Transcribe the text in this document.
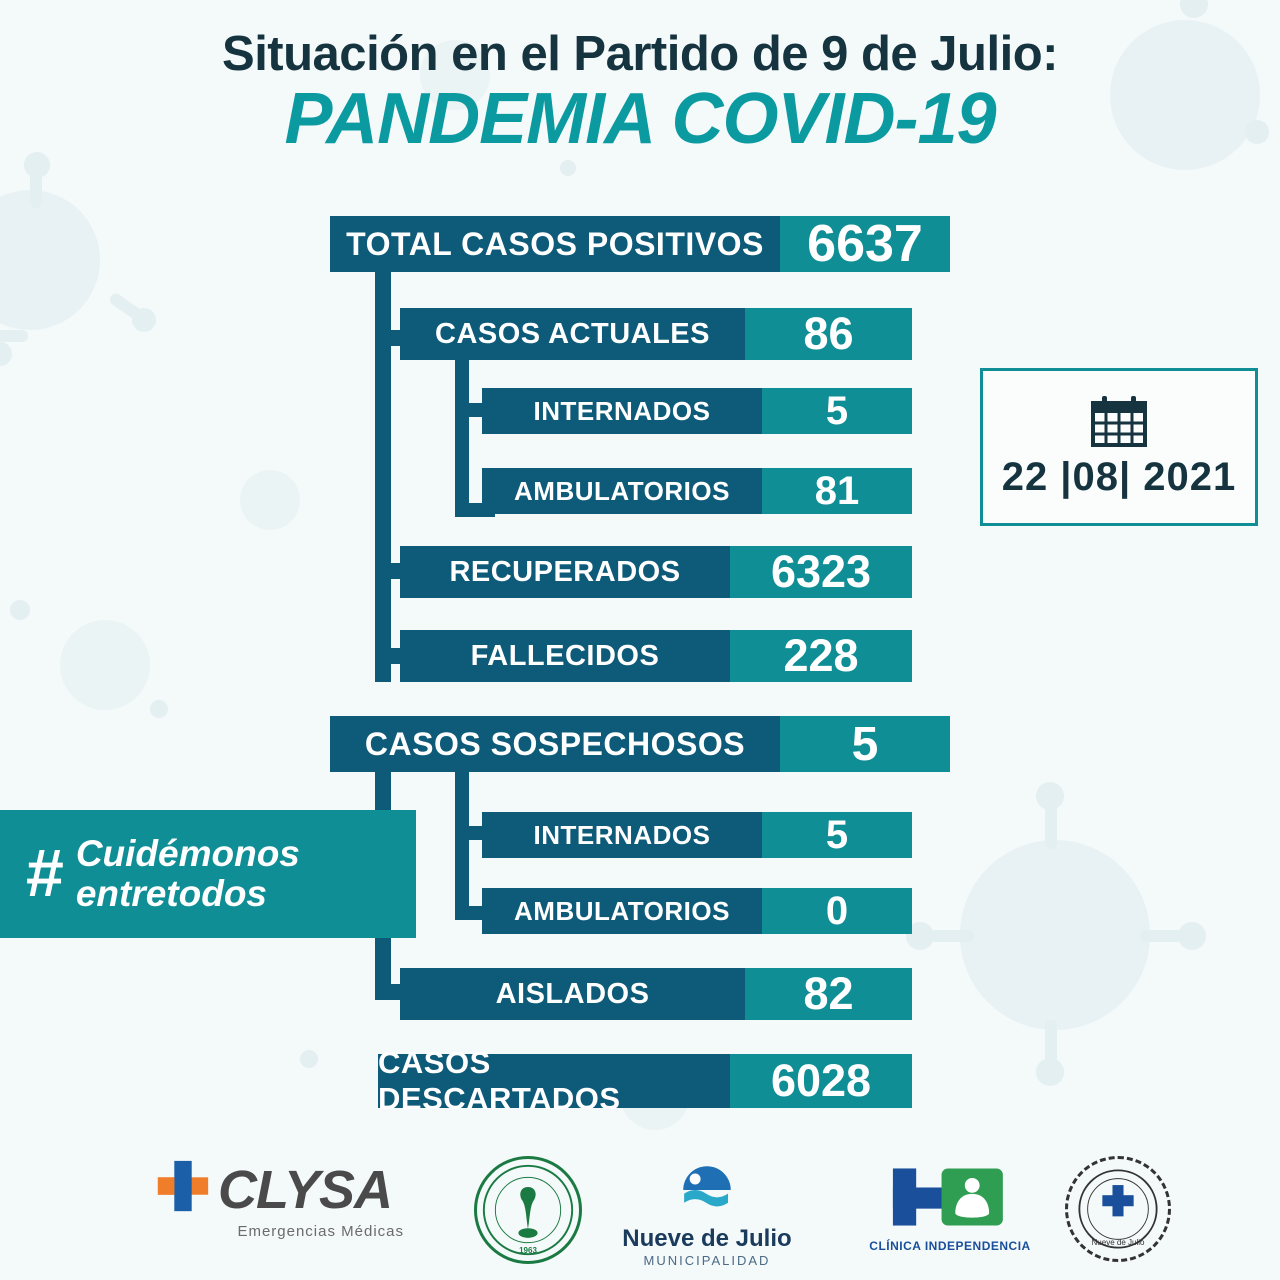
Situación en el Partido de 9 de Julio:
PANDEMIA COVID-19
TOTAL CASOS POSITIVOS 6637
CASOS ACTUALES	86
INTERNADOS	5
AMBULATORIOS	81
RECUPERADOS	6323
FALLECIDOS	228
CASOS SOSPECHOSOS	5
INTERNADOS	5
AMBULATORIOS	0
AISLADOS	82
CASOS DESCARTADOS	6028
22 |08| 2021
# Cuidémonos
entretodos
CLYSA
Emergencias Médicas
1963	Nueve de Julio
MUNICIPALIDAD
CLÍNICA INDEPENDENCIA	Nueve de Julio
